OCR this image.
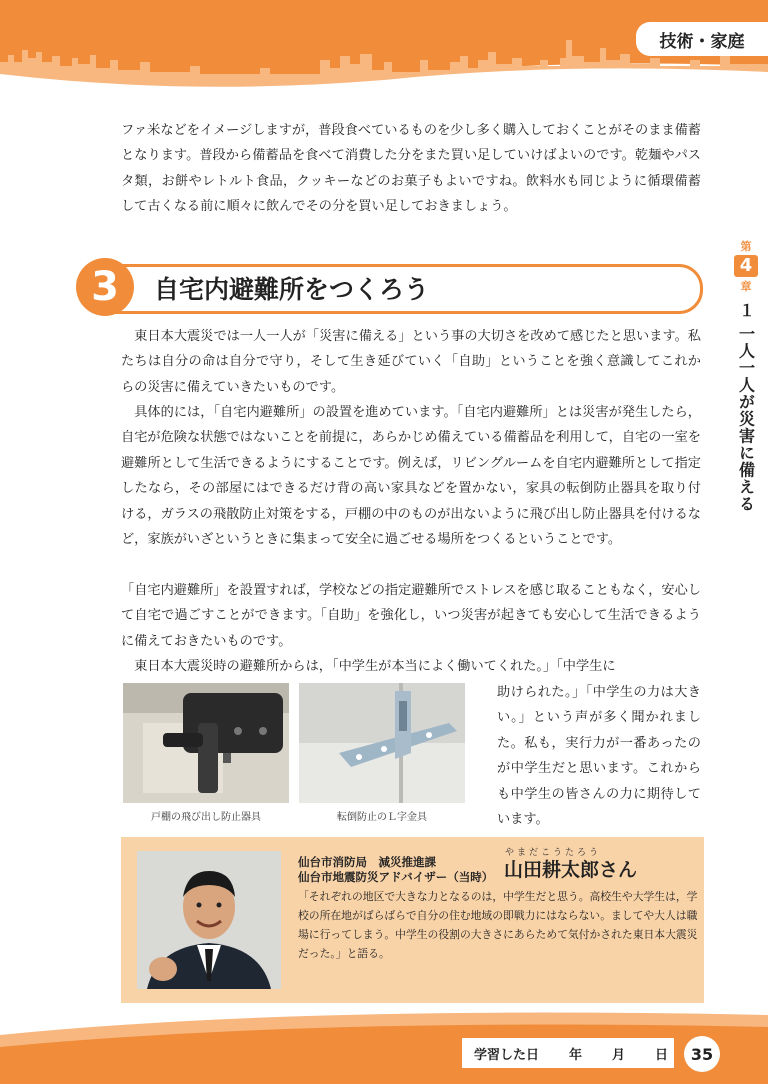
技術・家庭

ファ米などをイメージしますが，普段食べているものを少し多く購入しておくことがそのまま備蓄となります。普段から備蓄品を食べて消費した分をまた買い足していけばよいのです。乾麺やパスタ類，お餅やレトルト食品，クッキーなどのお菓子もよいですね。飲料水も同じように循環備蓄して古くなる前に順々に飲んでその分を買い足しておきましょう。

3	自宅内避難所をつくろう
第
4
章
１ 一人一人が災害に備える

東日本大震災では一人一人が「災害に備える」という事の大切さを改めて感じたと思います。私たちは自分の命は自分で守り，そして生き延びていく「自助」ということを強く意識してこれからの災害に備えていきたいものです。

具体的には，「自宅内避難所」の設置を進めています。「自宅内避難所」とは災害が発生したら，自宅が危険な状態ではないことを前提に，あらかじめ備えている備蓄品を利用して，自宅の一室を避難所として生活できるようにすることです。例えば，リビングルームを自宅内避難所として指定したなら，その部屋にはできるだけ背の高い家具などを置かない，家具の転倒防止器具を取り付ける，ガラスの飛散防止対策をする，戸棚の中のものが出ないように飛び出し防止器具を付けるなど，家族がいざというときに集まって安全に過ごせる場所をつくるということです。

「自宅内避難所」を設置すれば，学校などの指定避難所でストレスを感じ取ることもなく，安心して自宅で過ごすことができます。「自助」を強化し，いつ災害が起きても安心して生活できるように備えておきたいものです。

東日本大震災時の避難所からは，「中学生が本当によく働いてくれた。」「中学生に

助けられた。」「中学生の力は大きい。」という声が多く聞かれました。私も，実行力が一番あったのが中学生だと思います。これからも中学生の皆さんの力に期待しています。

戸棚の飛び出し防止器具	転倒防止のＬ字金具
仙台市消防局　減災推進課
仙台市地震防災アドバイザー（当時）
やまだこうたろう
山田耕太郎さん

「それぞれの地区で大きな力となるのは，中学生だと思う。高校生や大学生は，学校の所在地がばらばらで自分の住む地域の即戦力にはならない。ましてや大人は職場に行ってしまう。中学生の役割の大きさにあらためて気付かされた東日本大震災だった。」と語る。

学習した日 年 月 日	35
